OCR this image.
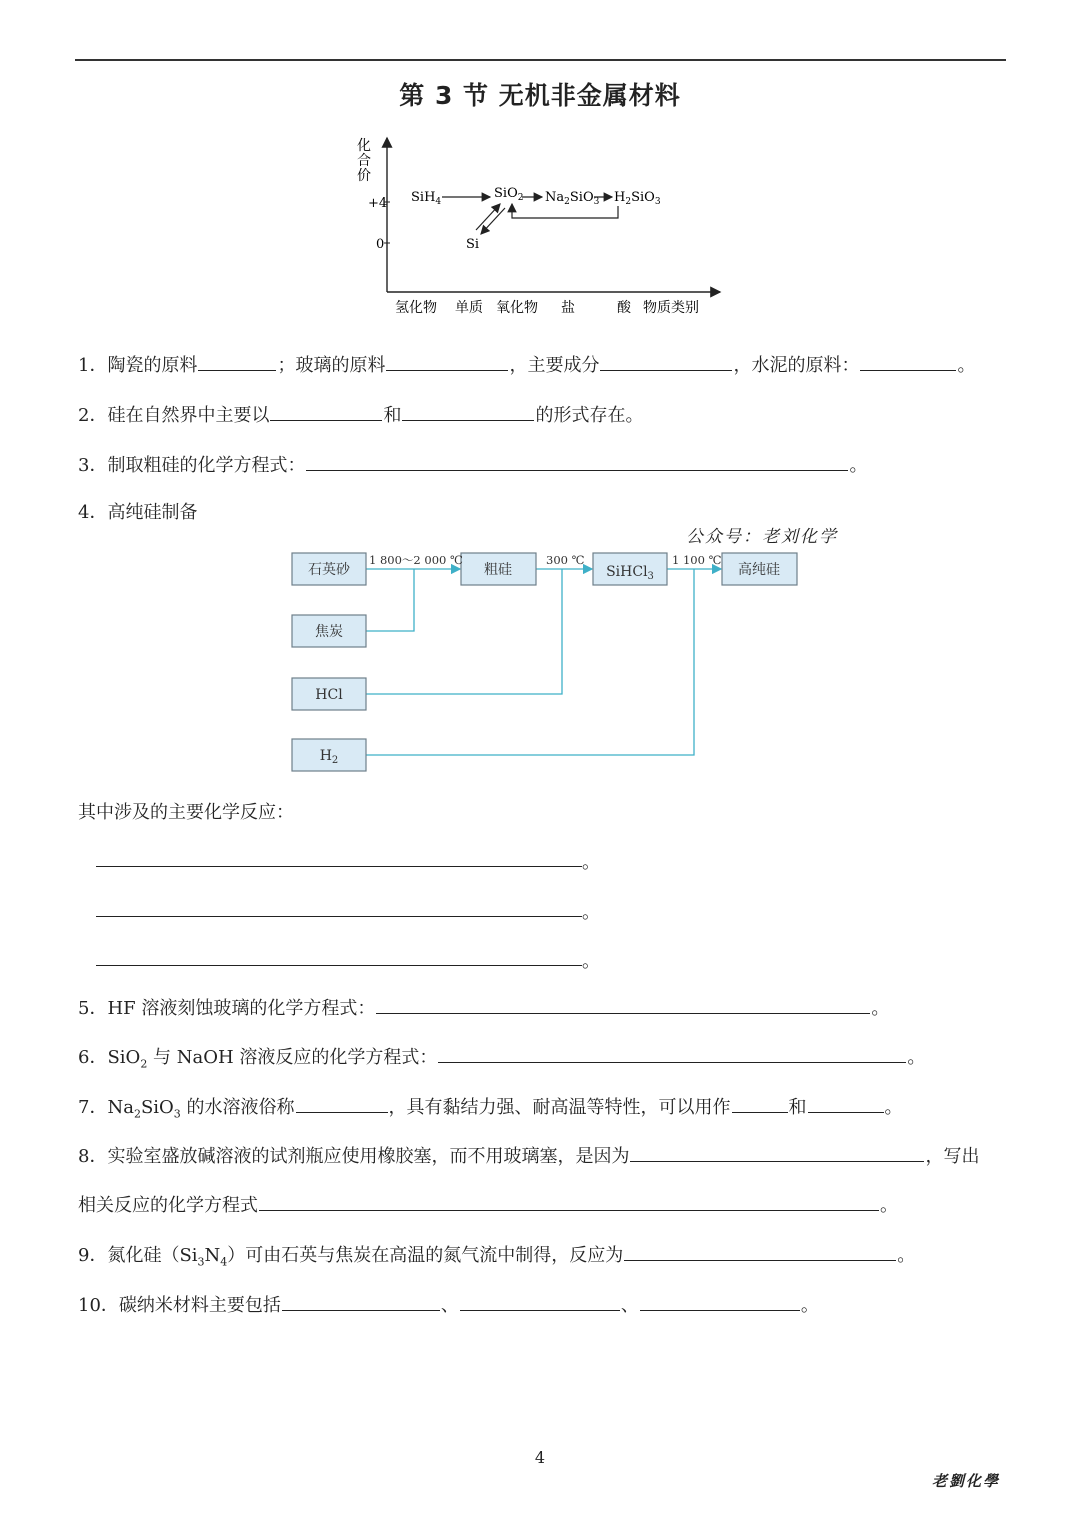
第 3 节 无机非金属材料
化
合
价
+4
0
SiH$_4$
SiO$_2$ $Na_2SiO_3$ $H_2SiO_3$
Si
氢化物 单质 氧化物 盐	酸 物质类别
1．陶瓷的原料	；玻璃的原料	，主要成分	，水泥的原料：	。
2．硅在自然界中主要以	和	的形式存在。
3．制取粗硅的化学方程式：	。
4．高纯硅制备
公众号：老刘化学
石英砂	粗硅	SiHCl$_3$	高纯硅
焦炭
HCl
$H_2$
1 800～2 000 ℃	300 ℃	1 100 ℃
其中涉及的主要化学反应：
。
。
。
5．HF 溶液刻蚀玻璃的化学方程式：	。
6．SiO$_2$ 与 NaOH 溶液反应的化学方程式：	。
7．$Na_2SiO_3$ 的水溶液俗称	，具有黏结力强、耐高温等特性，可以用作	和	。
8．实验室盛放碱溶液的试剂瓶应使用橡胶塞，而不用玻璃塞，是因为	，写出
相关反应的化学方程式	。
9．氮化硅$(Si_3N_4)$可由石英与焦炭在高温的氮气流中制得，反应为	。
10．碳纳米材料主要包括	、	、	。
4
老劉化學
